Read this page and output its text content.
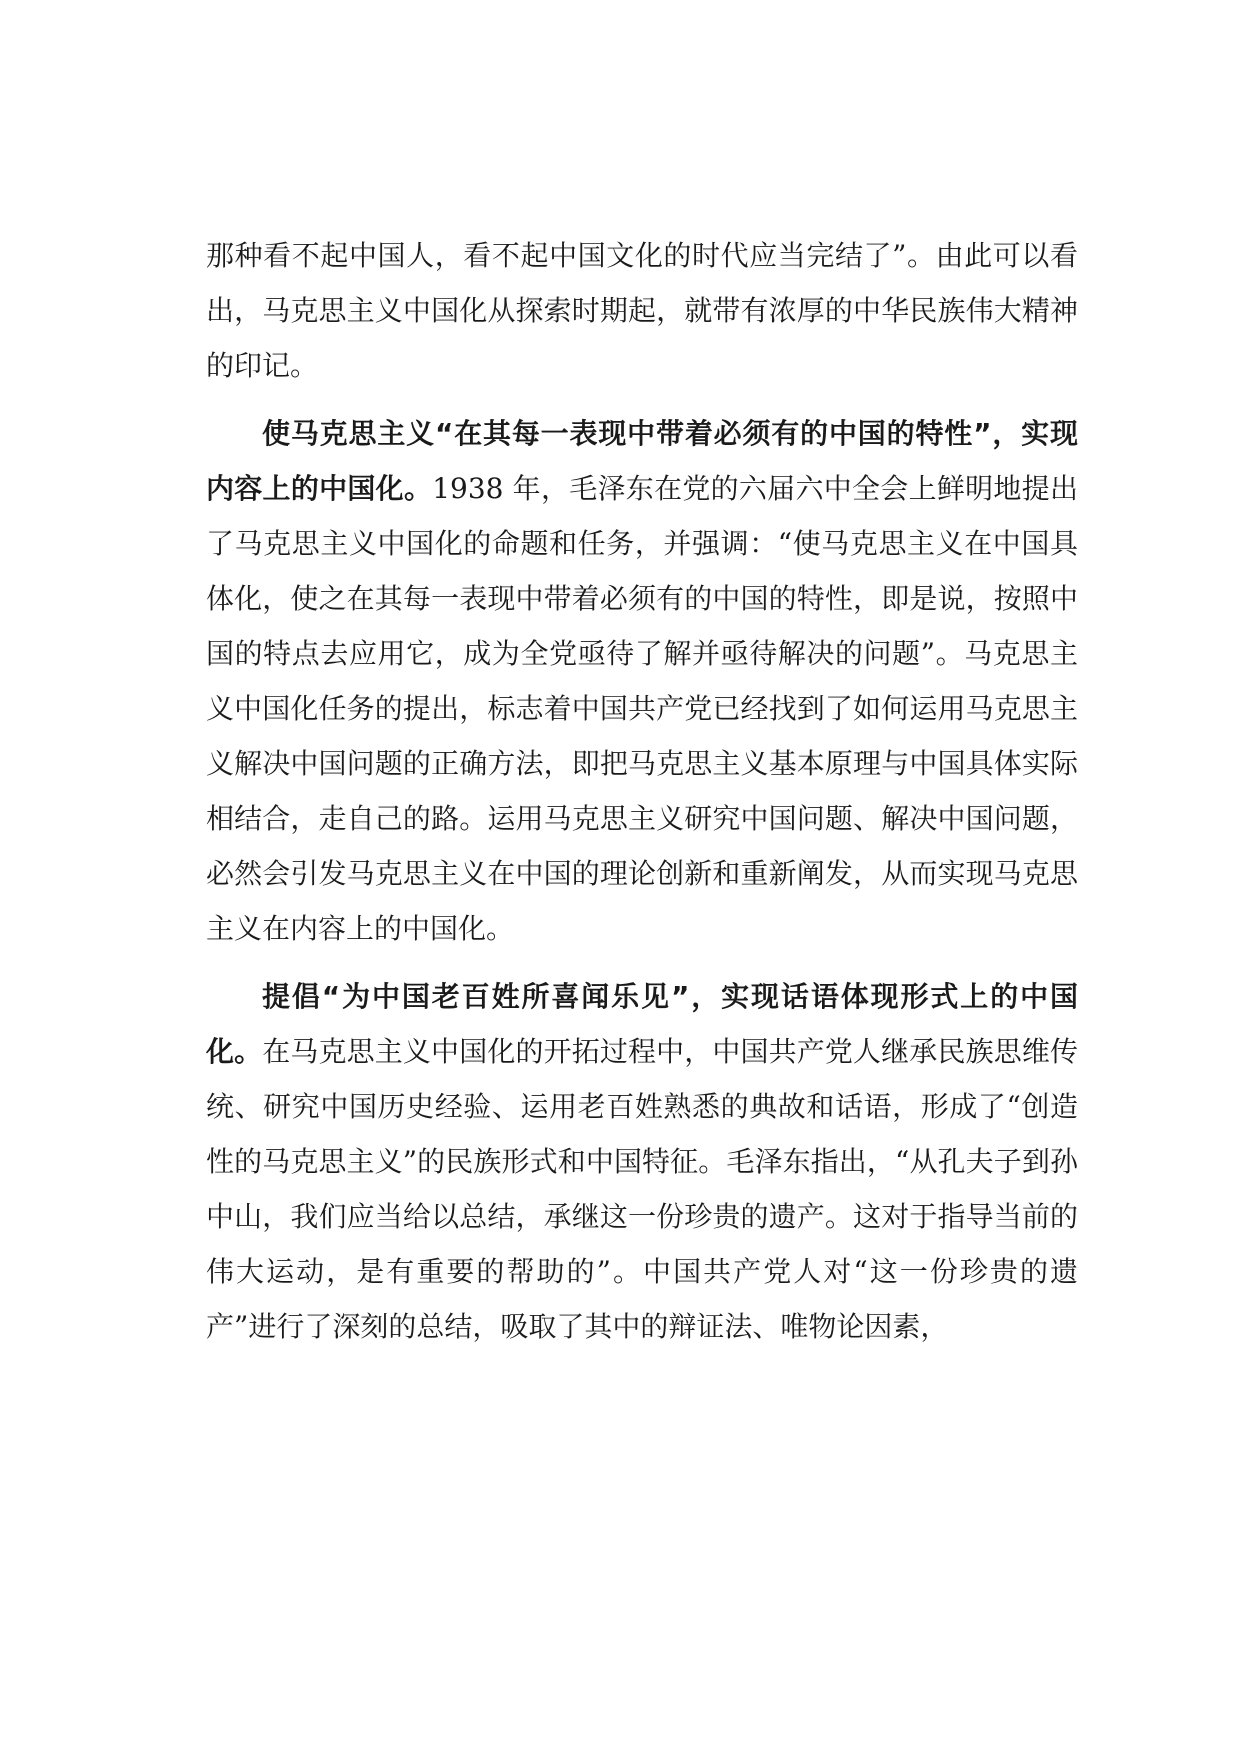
那种看不起中国人，看不起中国文化的时代应当完结了”。由此可以看出，马克思主义中国化从探索时期起，就带有浓厚的中华民族伟大精神的印记。

使马克思主义“在其每一表现中带着必须有的中国的特性”，实现内容上的中国化。1938 年，毛泽东在党的六届六中全会上鲜明地提出了马克思主义中国化的命题和任务，并强调：“使马克思主义在中国具体化，使之在其每一表现中带着必须有的中国的特性，即是说，按照中国的特点去应用它，成为全党亟待了解并亟待解决的问题”。马克思主义中国化任务的提出，标志着中国共产党已经找到了如何运用马克思主义解决中国问题的正确方法，即把马克思主义基本原理与中国具体实际相结合，走自己的路。运用马克思主义研究中国问题、解决中国问题，必然会引发马克思主义在中国的理论创新和重新阐发，从而实现马克思主义在内容上的中国化。

提倡“为中国老百姓所喜闻乐见”，实现话语体现形式上的中国化。在马克思主义中国化的开拓过程中，中国共产党人继承民族思维传统、研究中国历史经验、运用老百姓熟悉的典故和话语，形成了“创造性的马克思主义”的民族形式和中国特征。毛泽东指出，“从孔夫子到孙中山，我们应当给以总结，承继这一份珍贵的遗产。这对于指导当前的伟大运动，是有重要的帮助的”。中国共产党人对“这一份珍贵的遗产”进行了深刻的总结，吸取了其中的辩证法、唯物论因素，
